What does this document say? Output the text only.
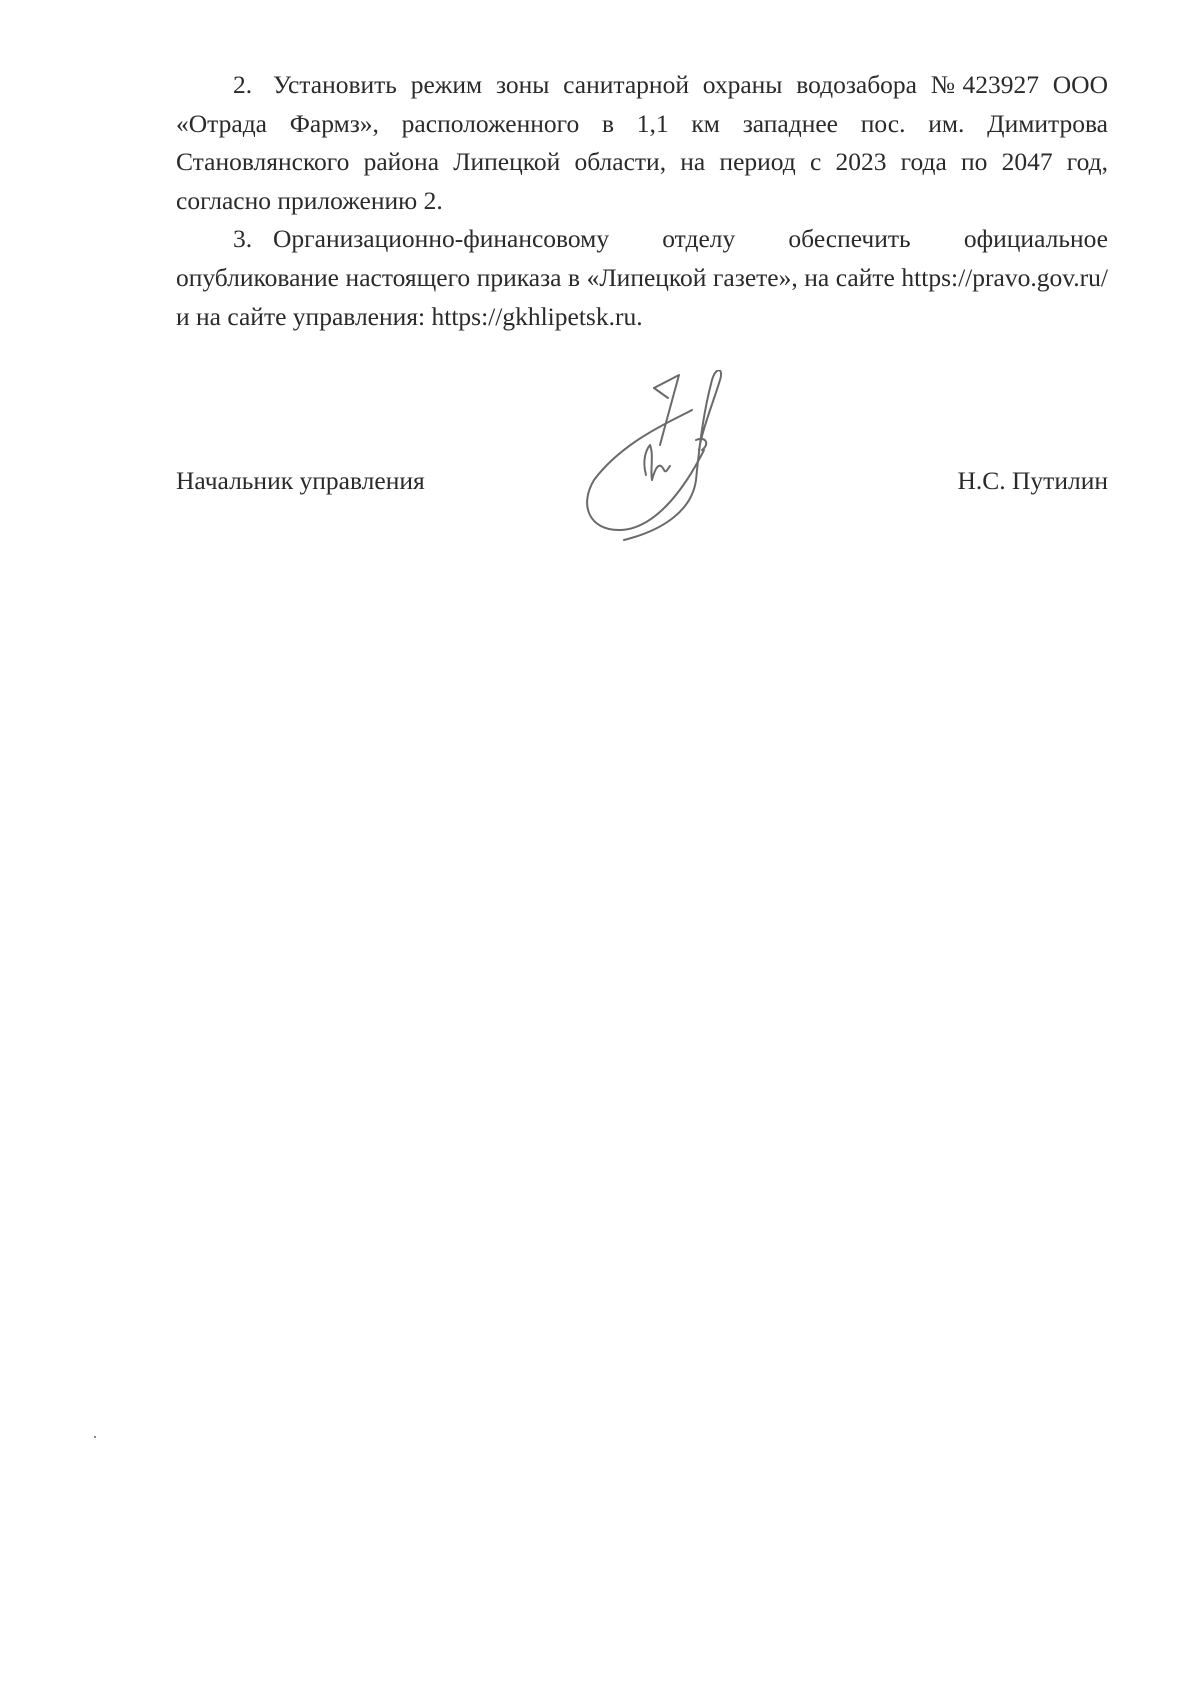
2. Установить режим зоны санитарной охраны водозабора №423927 ООО «Отрада Фармз», расположенного в 1,1 км западнее пос. им. Димитрова Становлянского района Липецкой области, на период с 2023 года по 2047 год, согласно приложению 2.

3. Организационно-финансовому отделу обеспечить официальное опубликование настоящего приказа в «Липецкой газете», на сайте https://pravo.gov.ru/ и на сайте управления: https://gkhlipetsk.ru.

Начальник управления	Н.С. Путилин
